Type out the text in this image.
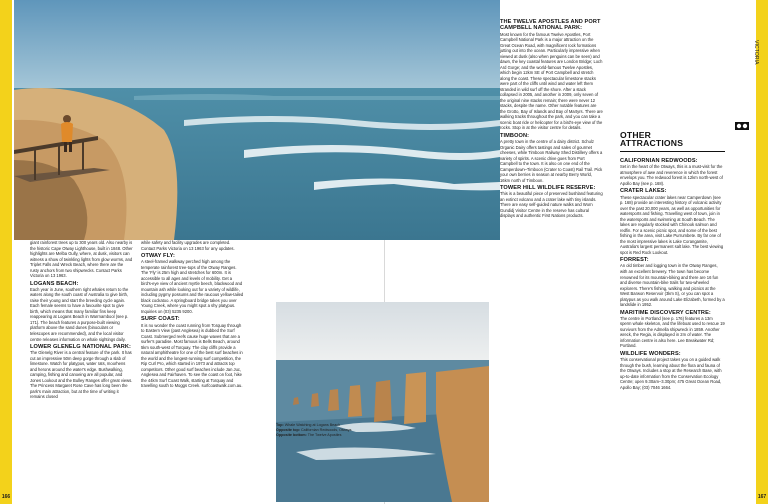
166	167
VICTORIA

giant rainforest trees up to 300 years old. Also nearby is the historic Cape Otway Lighthouse, built in 1848. Other highlights are Melba Gully, where, at dusk, visitors can witness a show of twinkling lights from glow worms, and Triplet Falls and Wreck Beach, where there are the rusty anchors from two shipwrecks. Contact Parks Victoria on 13 1963.

LOGANS BEACH:

Each year in June, southern right whales return to the waters along the south coast of Australia to give birth, raise their young and start the breeding cycle again. Each female seems to have a favourite spot to give birth, which means that many familiar fins keep reappearing at Logans Beach in Warrnambool (see p. 171). The beach features a purpose-built viewing platform above the sand dunes (binoculars or telescopes are recommended), and the local visitor centre releases information on whale sightings daily.

LOWER GLENELG NATIONAL PARK:

The Glenelg River is a central feature of the park. It has cut an impressive 50m deep gorge through a slab of limestone. Watch for platypus, water rats, moorhens and herons around the water's edge. Bushwalking, camping, fishing and canoeing are all popular, and Jones Lookout and the Bulley Ranges offer great views. The Princess Margaret Rose Cave has long been the park's main attraction, but at the time of writing it remains closed

while safety and facility upgrades are completed. Contact Parks Victoria on 13 1963 for any updates.

OTWAY FLY:

A steel-framed walkway perched high among the temperate rainforest tree-tops of the Otway Ranges. The 'Fly' is 25m high and stretches for 600m. It is accessible to all ages and levels of mobility. Get a bird's-eye view of ancient myrtle beech, blackwood and mountain ash while looking out for a variety of wildlife, including pygmy possums and the raucous yellow-tailed black cockatoo. A springboard bridge takes you over Young Creek, where you might spot a shy platypus. Inquiries on (03) 5235 9200.

SURF COAST:

It is no wonder the coast running from Torquay through to Eastern View (past Anglesea) is dubbed the Surf Coast. Submerged reefs cause huge waves that are a surfer's paradise. Most famous is Bells Beach, around 5km south-west of Torquay. The clay cliffs provide a natural amphitheatre for one of the best surf beaches in the world and the longest-running surf competition, the Rip Curl Pro, which started in 1973 and attracts top competitors. Other good surf beaches include Jan Juc, Anglesea and Fairhaven. To see the coast on foot, hike the 44km Surf Coast Walk, starting at Torquay and travelling south to Moggs Creek. surfcoastwalk.com.au.

Top: Whale Watching at Logans Beach Opposite top: Californian Redwoods, Otways Opposite bottom: The Twelve Apostles
THE TWELVE APOSTLES AND PORT CAMPBELL NATIONAL PARK:

Most known for the famous Twelve Apostles, Port Campbell National Park is a major attraction on the Great Ocean Road, with magnificent rock formations jutting out into the ocean. Particularly impressive when viewed at dusk (also when penguins can be seen) and dawn, the key coastal features are London Bridge; Loch Ard Gorge; and the world-famous Twelve Apostles, which begin 12km SE of Port Campbell and stretch along the coast. These spectacular limestone stacks were part of the cliffs until wind and water left them stranded in wild surf off the shore. After a stack collapsed in 2005, and another in 2009, only seven of the original nine stacks remain; there were never 12 stacks, despite the name. Other notable features are the Grotto, Bay of Islands and Bay of Martyrs. There are walking tracks throughout the park, and you can take a scenic boat ride or helicopter for a bird's-eye view of the rocks. Stop in at the visitor centre for details.

TIMBOON:

A pretty town in the centre of a dairy district. Schulz Organic Dairy offers tastings and sales of gourmet cheeses, while Timboon Railway Shed Distillery offers a variety of spirits. A scenic drive goes from Port Campbell to the town. It is also on one end of the Camperdown–Timboon (Crater to Coast) Rail Trail. Pick your own berries in season at nearby Berry World, 16km north of Timboon.

TOWER HILL WILDLIFE RESERVE:

This is a beautiful piece of preserved bushland featuring an extinct volcano and a crater lake with tiny islands. There are easy self-guided nature walks and Worn Gundidj Visitor Centre in the reserve has cultural displays and authentic First Nations products.

OTHER
ATTRACTIONS
CALIFORNIAN REDWOODS:

Set in the heart of the Otways, this is a must-visit for the atmosphere of awe and reverence in which the forest envelops you. The redwood forest is 12km north-west of Apollo Bay (see p. 168).

CRATER LAKES:

These spectacular crater lakes near Camperdown (see p. 168) provide an interesting history of volcanic activity over the past 20,000 years, as well as opportunities for watersports and fishing. Travelling west of town, join in the watersports and swimming at South Beach. The lakes are regularly stocked with Chinook salmon and redfin. For a scenic picnic spot, and some of the best fishing in the area, visit Lake Purrumbete. By far one of the most impressive lakes is Lake Corangamite, Australia's largest permanent salt lake. The best viewing spot is Red Rock Lookout.

FORREST:

An old timber and logging town in the Otway Ranges, with an excellent brewery. The town has become renowned for its mountain-biking and there are 16 fun and diverse mountain-bike trails for two-wheeled explorers. There's fishing, walking and picnics at the West Barwon Reservoir (3km S), or you can spot a platypus as you walk around Lake Elizabeth, formed by a landslide in 1952.

MARITIME DISCOVERY CENTRE:

The centre in Portland (see p. 176) features a 13m sperm whale skeleton, and the lifeboat used to rescue 19 survivors from the Admella shipwreck in 1859. Another wreck, the Regia, is displayed in 2m of water. The information centre is also here. Lee Breakwater Rd; Portland.

WILDLIFE WONDERS:

This conservational project takes you on a guided walk through the bush, learning about the flora and fauna of the Otways. Includes a stop at the Research Base, with up-to-date information from the Conservation Ecology Centre; open 9.30am–3.30pm; 475 Great Ocean Road, Apollo Bay; (03) 7046 1664.
